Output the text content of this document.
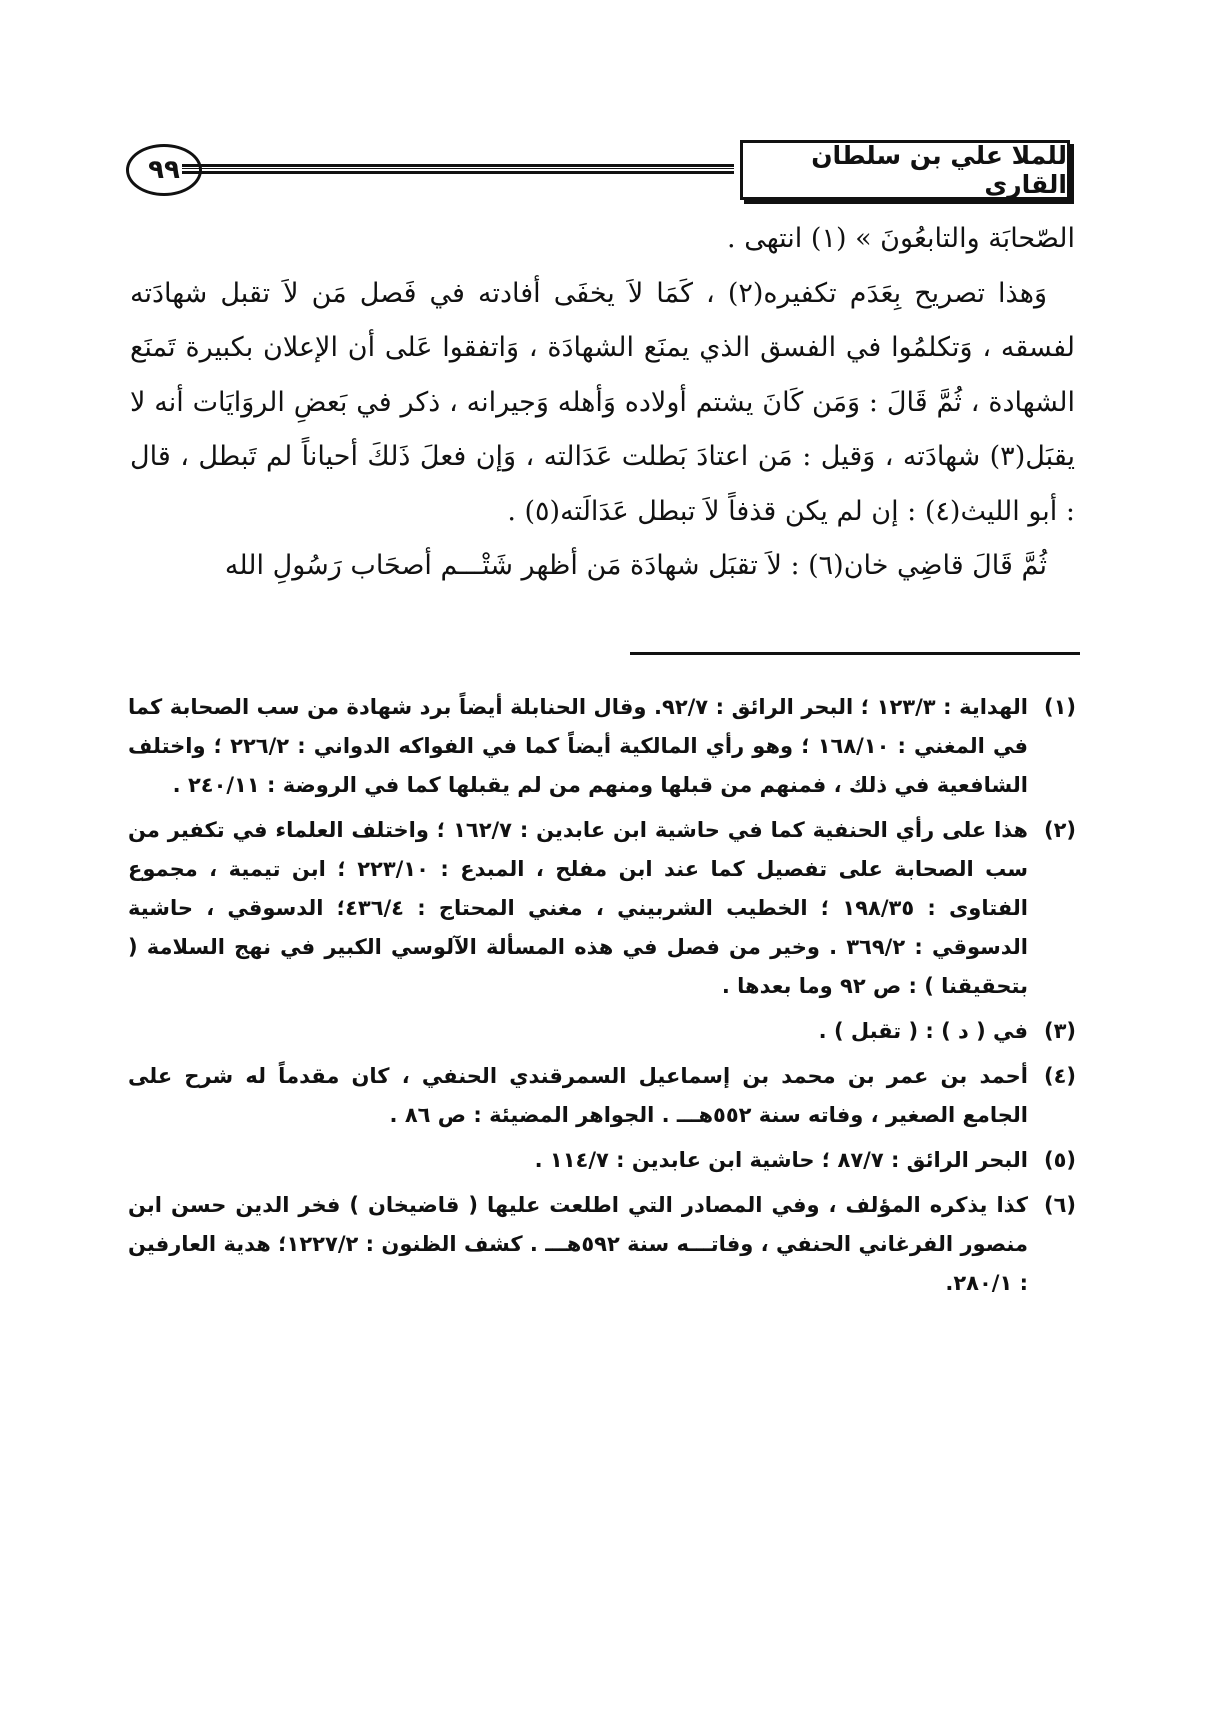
٩٩	للملا علي بن سلطان القاري

الصّحابَة والتابعُونَ » (١) انتهى .

وَهذا تصريح بِعَدَم تكفيره(٢) ، كَمَا لاَ يخفَى أفادته في فَصل مَن لاَ تقبل شهادَته لفسقه ، وَتكلمُوا في الفسق الذي يمنَع الشهادَة ، وَاتفقوا عَلى أن الإعلان بكبيرة تَمنَع الشهادة ، ثُمَّ قَالَ : وَمَن كَانَ يشتم أولاده وَأهله وَجيرانه ، ذكر في بَعضِ الروَايَات أنه لا يقبَل(٣) شهادَته ، وَقيل : مَن اعتادَ بَطلت عَدَالته ، وَإن فعلَ ذَلكَ أحياناً لم تَبطل ، قال : أبو الليث(٤) : إن لم يكن قذفاً لاَ تبطل عَدَالَته(٥) .

ثُمَّ قَالَ قاضِي خان(٦) : لاَ تقبَل شهادَة مَن أظهر شَتْـــم أصحَاب رَسُولِ الله

(١)
الهداية : ١٢٣/٣ ؛ البحر الرائق : ٩٢/٧. وقال الحنابلة أيضاً برد شهادة من سب الصحابة كما في المغني : ١٦٨/١٠ ؛ وهو رأي المالكية أيضاً كما في الفواكه الدواني : ٢٢٦/٢ ؛ واختلف الشافعية في ذلك ، فمنهم من قبلها ومنهم من لم يقبلها كما في الروضة : ٢٤٠/١١ .
(٢)
هذا على رأي الحنفية كما في حاشية ابن عابدين : ١٦٢/٧ ؛ واختلف العلماء في تكفير من سب الصحابة على تفصيل كما عند ابن مفلح ، المبدع : ٢٢٣/١٠ ؛ ابن تيمية ، مجموع الفتاوى : ١٩٨/٣٥ ؛ الخطيب الشربيني ، مغني المحتاج : ٤٣٦/٤؛ الدسوقي ، حاشية الدسوقي : ٣٦٩/٢ . وخير من فصل في هذه المسألة الآلوسي الكبير في نهج السلامة ( بتحقيقنا ) : ص ٩٢ وما بعدها .
(٣)
في ( د ) : ( تقبل ) .
(٤)
أحمد بن عمر بن محمد بن إسماعيل السمرقندي الحنفي ، كان مقدماً له شرح على الجامع الصغير ، وفاته سنة ٥٥٢هـــ . الجواهر المضيئة : ص ٨٦ .
(٥)
البحر الرائق : ٨٧/٧ ؛ حاشية ابن عابدين : ١١٤/٧ .
(٦)
كذا يذكره المؤلف ، وفي المصادر التي اطلعت عليها ( قاضيخان ) فخر الدين حسن ابن منصور الفرغاني الحنفي ، وفاتـــه سنة ٥٩٢هـــ . كشف الظنون : ١٢٢٧/٢؛ هدية العارفين : ٢٨٠/١.
